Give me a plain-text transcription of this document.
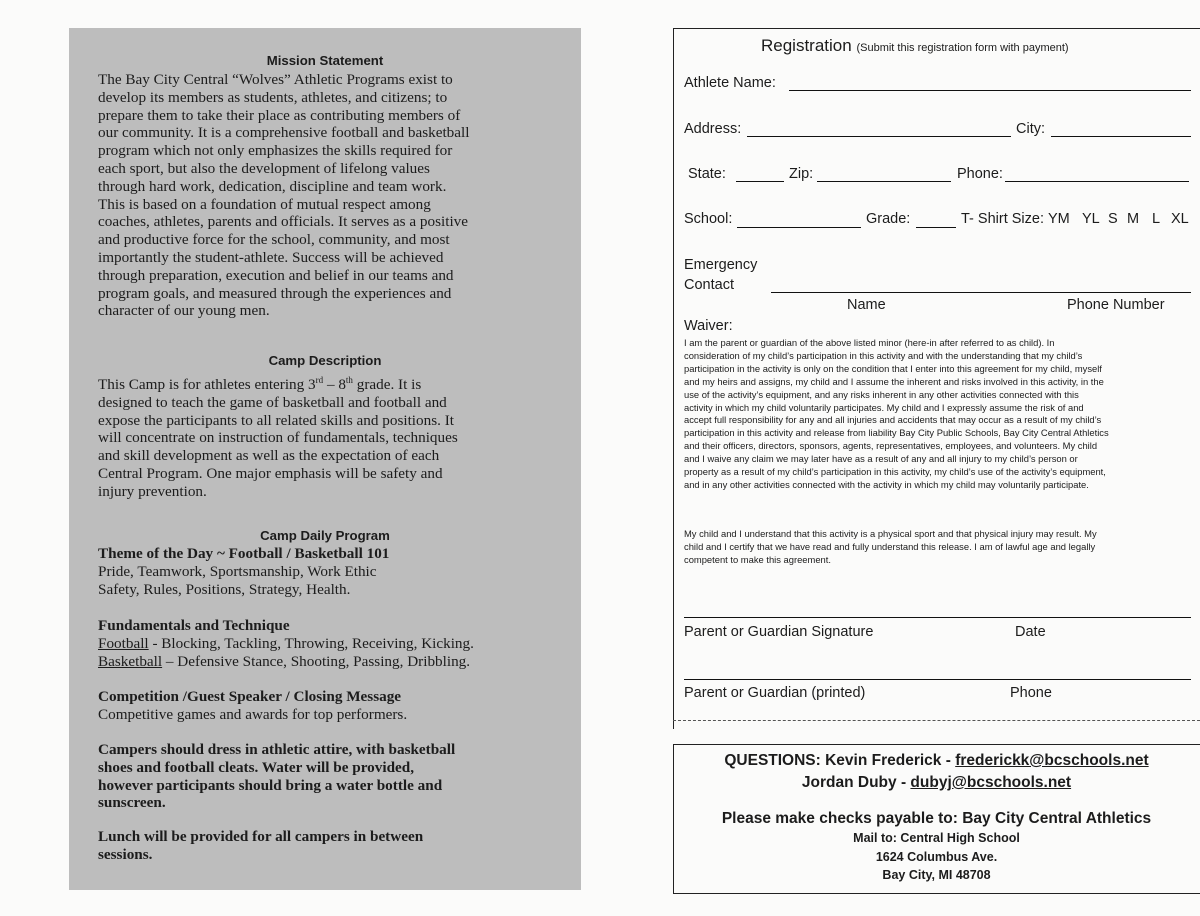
Mission Statement
The Bay City Central “Wolves” Athletic Programs exist to
develop its members as students, athletes, and citizens; to
prepare them to take their place as contributing members of
our community. It is a comprehensive football and basketball
program which not only emphasizes the skills required for
each sport, but also the development of lifelong values
through hard work, dedication, discipline and team work.
This is based on a foundation of mutual respect among
coaches, athletes, parents and officials. It serves as a positive
and productive force for the school, community, and most
importantly the student-athlete. Success will be achieved
through preparation, execution and belief in our teams and
program goals, and measured through the experiences and
character of our young men.
Camp Description
This Camp is for athletes entering 3rd – 8th grade. It is
designed to teach the game of basketball and football and
expose the participants to all related skills and positions. It
will concentrate on instruction of fundamentals, techniques
and skill development as well as the expectation of each
Central Program. One major emphasis will be safety and
injury prevention.
Camp Daily Program
Theme of the Day ~ Football / Basketball 101
Pride, Teamwork, Sportsmanship, Work Ethic
Safety, Rules, Positions, Strategy, Health.
Fundamentals and Technique
Football - Blocking, Tackling, Throwing, Receiving, Kicking.
Basketball – Defensive Stance, Shooting, Passing, Dribbling.
Competition /Guest Speaker / Closing Message
Competitive games and awards for top performers.
Campers should dress in athletic attire, with basketball
shoes and football cleats. Water will be provided,
however participants should bring a water bottle and
sunscreen.
Lunch will be provided for all campers in between
sessions.
Registration (Submit this registration form with payment)
Athlete Name:
Address:	City:
State:	Zip:	Phone:
School:	Grade:	T- Shirt Size: YM YL S M L XL
Emergency
Contact
Name	Phone Number
Waiver:
I am the parent or guardian of the above listed minor (here-in after referred to as child). In
consideration of my child’s participation in this activity and with the understanding that my child’s
participation in the activity is only on the condition that I enter into this agreement for my child, myself
and my heirs and assigns, my child and I assume the inherent and risks involved in this activity, in the
use of the activity’s equipment, and any risks inherent in any other activities connected with this
activity in which my child voluntarily participates. My child and I expressly assume the risk of and
accept full responsibility for any and all injuries and accidents that may occur as a result of my child’s
participation in this activity and release from liability Bay City Public Schools, Bay City Central Athletics
and their officers, directors, sponsors, agents, representatives, employees, and volunteers. My child
and I waive any claim we may later have as a result of any and all injury to my child’s person or
property as a result of my child’s participation in this activity, my child’s use of the activity’s equipment,
and in any other activities connected with the activity in which my child may voluntarily participate.
My child and I understand that this activity is a physical sport and that physical injury may result. My
child and I certify that we have read and fully understand this release. I am of lawful age and legally
competent to make this agreement.
Parent or Guardian Signature	Date
Parent or Guardian (printed)	Phone
QUESTIONS: Kevin Frederick - frederickk@bcschools.net
Jordan Duby - dubyj@bcschools.net
Please make checks payable to: Bay City Central Athletics
Mail to: Central High School
1624 Columbus Ave.
Bay City, MI 48708
